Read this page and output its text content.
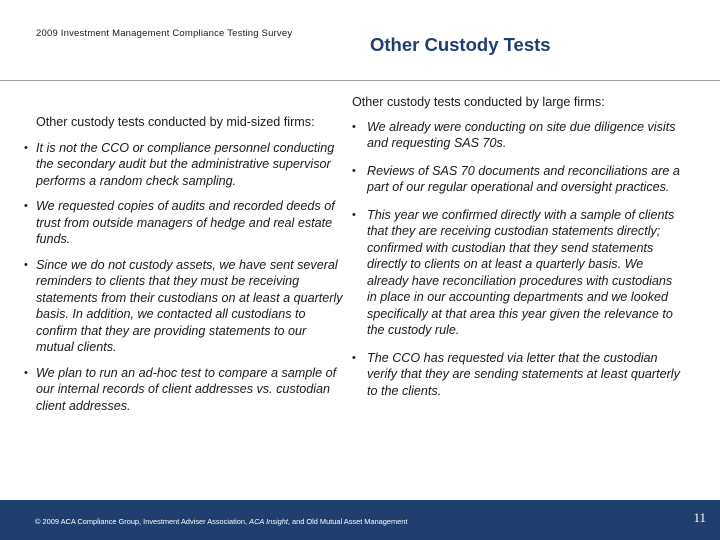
2009 Investment Management Compliance Testing Survey
Other Custody Tests
Other custody tests conducted by mid-sized firms:
• It is not the CCO or compliance personnel conducting the secondary audit but the administrative supervisor performs a random check sampling.
• We requested copies of audits and recorded deeds of trust from outside managers of hedge and real estate funds.
• Since we do not custody assets, we have sent several reminders to clients that they must be receiving statements from their custodians on at least a quarterly basis. In addition, we contacted all custodians to confirm that they are providing statements to our mutual clients.
• We plan to run an ad-hoc test to compare a sample of our internal records of client addresses vs. custodian client addresses.
Other custody tests conducted by large firms:
• We already were conducting on site due diligence visits and requesting SAS 70s.
• Reviews of SAS 70 documents and reconciliations are a part of our regular operational and oversight practices.
• This year we confirmed directly with a sample of clients that they are receiving custodian statements directly; confirmed with custodian that they send statements directly to clients on at least a quarterly basis. We already have reconciliation procedures with custodians in place in our accounting departments and we looked specifically at that area this year given the relevance to the custody rule.
• The CCO has requested via letter that the custodian verify that they are sending statements at least quarterly to the clients.
© 2009 ACA Compliance Group, Investment Adviser Association, ACA Insight, and Old Mutual Asset Management	11
